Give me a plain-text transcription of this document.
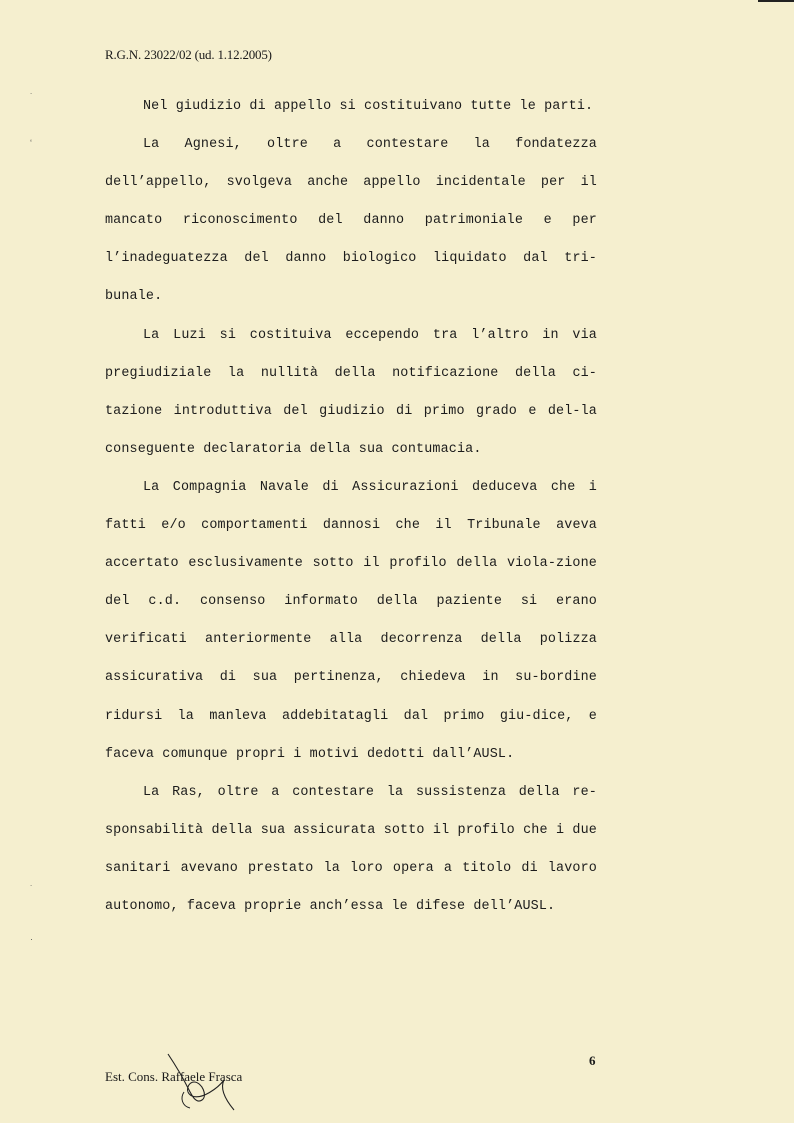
˙
‘
˙
·
R.G.N. 23022/02 (ud. 1.12.2005)

Nel giudizio di appello si costituivano tutte le parti.

La Agnesi, oltre a contestare la fondatezza dell’appello, svolgeva anche appello incidentale per il mancato riconoscimento del danno patrimoniale e per l’inadeguatezza del danno biologico liquidato dal tri-bunale.

La Luzi si costituiva eccependo tra l’altro in via pregiudiziale la nullità della notificazione della ci-tazione introduttiva del giudizio di primo grado e del-la conseguente declaratoria della sua contumacia.

La Compagnia Navale di Assicurazioni deduceva che i fatti e/o comportamenti dannosi che il Tribunale aveva accertato esclusivamente sotto il profilo della viola-zione del c.d. consenso informato della paziente si erano verificati anteriormente alla decorrenza della polizza assicurativa di sua pertinenza, chiedeva in su-bordine ridursi la manleva addebitatagli dal primo giu-dice, e faceva comunque propri i motivi dedotti dall’AUSL.

La Ras, oltre a contestare la sussistenza della re-sponsabilità della sua assicurata sotto il profilo che i due sanitari avevano prestato la loro opera a titolo di lavoro autonomo, faceva proprie anch’essa le difese dell’AUSL.

6
Est. Cons. Raffaele Frasca
